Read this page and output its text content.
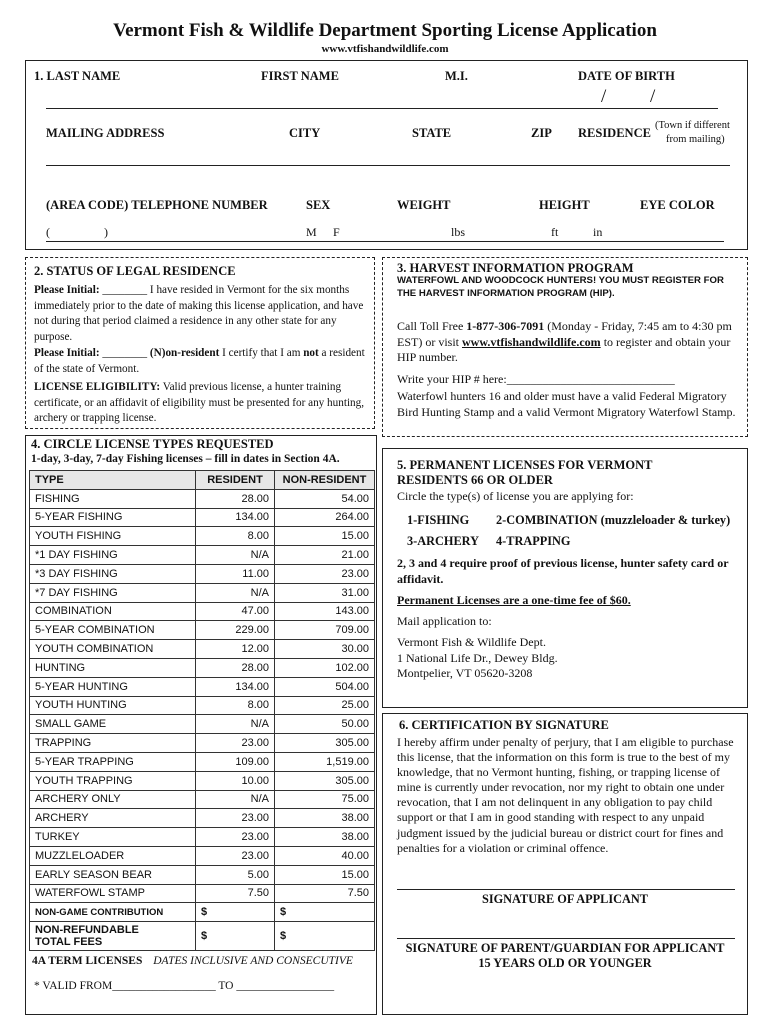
Vermont Fish & Wildlife Department Sporting License Application
www.vtfishandwildlife.com
1. LAST NAME	FIRST NAME	M.I.	DATE OF BIRTH
/ /
MAILING ADDRESS	CITY	STATE	ZIP RESIDENCE
(Town if different
from mailing)
(AREA CODE) TELEPHONE NUMBER	SEX	WEIGHT	HEIGHT	EYE COLOR
(	)	M F	lbs	ft	in
2. STATUS OF LEGAL RESIDENCE
Please Initial: ________ I have resided in Vermont for the six months immediately prior to the date of making this license application, and have not during that period claimed a residence in any other state for any purpose.
Please Initial: ________ (N)on-resident I certify that I am not a resident of the state of Vermont.
LICENSE ELIGIBILITY: Valid previous license, a hunter training certificate, or an affidavit of eligibility must be presented for any hunting, archery or trapping license.
3. HARVEST INFORMATION PROGRAM
WATERFOWL AND WOODCOCK HUNTERS! YOU MUST REGISTER FOR THE HARVEST INFORMATION PROGRAM (HIP).
Call Toll Free 1-877-306-7091 (Monday - Friday, 7:45 am to 4:30 pm EST) or visit www.vtfishandwildlife.com to register and obtain your HIP number.
Write your HIP # here:____________________________
Waterfowl hunters 16 and older must have a valid Federal Migratory Bird Hunting Stamp and a valid Vermont Migratory Waterfowl Stamp.
4. CIRCLE LICENSE TYPES REQUESTED
1-day, 3-day, 7-day Fishing licenses – fill in dates in Section 4A.
TYPE	RESIDENT	NON-RESIDENT
FISHING	28.00	54.00
5-YEAR FISHING	134.00	264.00
YOUTH FISHING	8.00	15.00
*1 DAY FISHING	N/A	21.00
*3 DAY FISHING	11.00	23.00
*7 DAY FISHING	N/A	31.00
COMBINATION	47.00	143.00
5-YEAR COMBINATION	229.00	709.00
YOUTH COMBINATION	12.00	30.00
HUNTING	28.00	102.00
5-YEAR HUNTING	134.00	504.00
YOUTH HUNTING	8.00	25.00
SMALL GAME	N/A	50.00
TRAPPING	23.00	305.00
5-YEAR TRAPPING	109.00	1,519.00
YOUTH TRAPPING	10.00	305.00
ARCHERY ONLY	N/A	75.00
ARCHERY	23.00	38.00
TURKEY	23.00	38.00
MUZZLELOADER	23.00	40.00
EARLY SEASON BEAR	5.00	15.00
WATERFOWL STAMP	7.50	7.50
NON-GAME CONTRIBUTION	$	$

NON-REFUNDABLE
TOTAL FEES	$	$
4A TERM LICENSES DATES INCLUSIVE AND CONSECUTIVE
* VALID FROM__________________ TO _________________
5. PERMANENT LICENSES FOR VERMONT
RESIDENTS 66 OR OLDER
Circle the type(s) of license you are applying for:
1-FISHING 2-COMBINATION (muzzleloader & turkey)
3-ARCHERY 4-TRAPPING
2, 3 and 4 require proof of previous license, hunter safety card or affidavit.
Permanent Licenses are a one-time fee of $60.
Mail application to:
Vermont Fish & Wildlife Dept.
1 National Life Dr., Dewey Bldg.
Montpelier, VT 05620-3208
6. CERTIFICATION BY SIGNATURE
I hereby affirm under penalty of perjury, that I am eligible to purchase this license, that the information on this form is true to the best of my knowledge, that no Vermont hunting, fishing, or trapping license of mine is currently under revocation, nor my right to obtain one under revocation, that I am not delinquent in any obligation to pay child support or that I am in good standing with respect to any unpaid judgment issued by the judicial bureau or district court for fines and penalties for a violation or criminal offence.
SIGNATURE OF APPLICANT
SIGNATURE OF PARENT/GUARDIAN FOR APPLICANT
15 YEARS OLD OR YOUNGER
